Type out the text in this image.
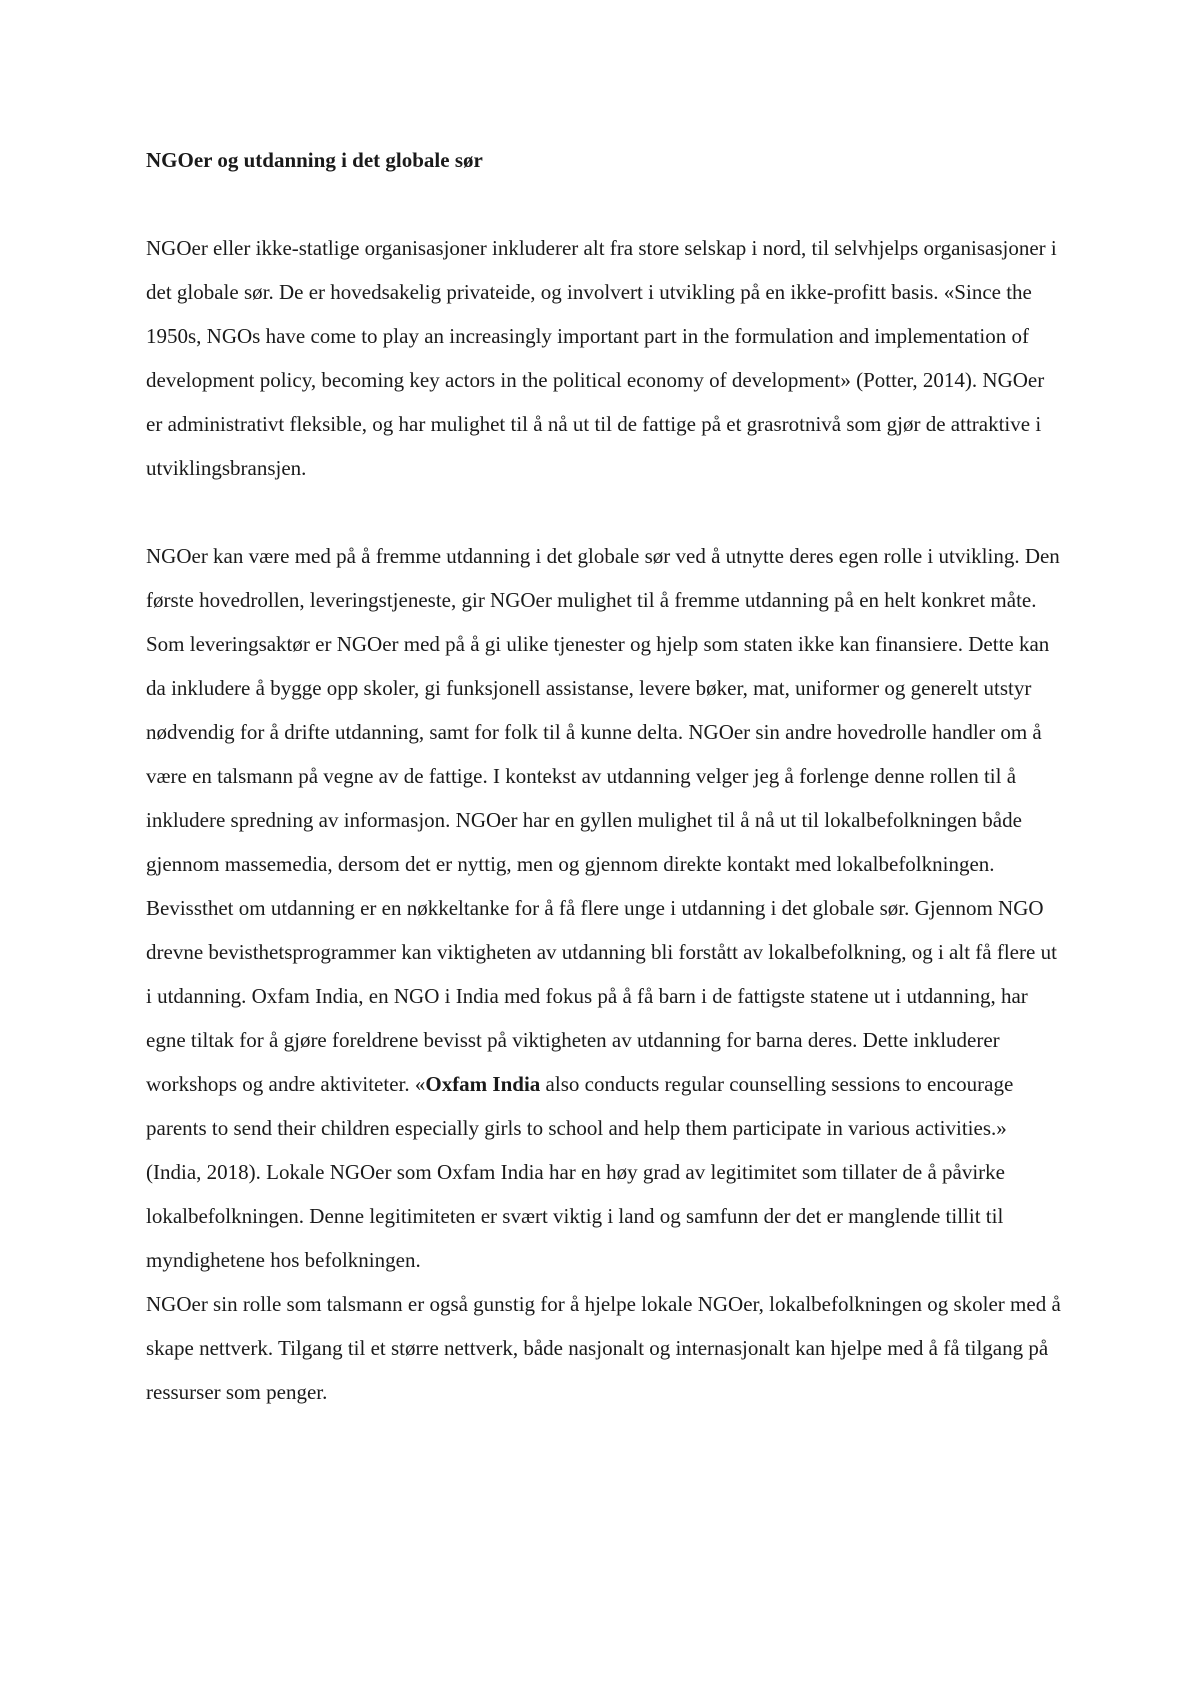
NGOer og utdanning i det globale sør

NGOer eller ikke-statlige organisasjoner inkluderer alt fra store selskap i nord, til selvhjelps organisasjoner i det globale sør. De er hovedsakelig privateide, og involvert i utvikling på en ikke-profitt basis. «Since the 1950s, NGOs have come to play an increasingly important part in the formulation and implementation of development policy, becoming key actors in the political economy of development» (Potter, 2014). NGOer er administrativt fleksible, og har mulighet til å nå ut til de fattige på et grasrotnivå som gjør de attraktive i utviklingsbransjen.

NGOer kan være med på å fremme utdanning i det globale sør ved å utnytte deres egen rolle i utvikling. Den første hovedrollen, leveringstjeneste, gir NGOer mulighet til å fremme utdanning på en helt konkret måte. Som leveringsaktør er NGOer med på å gi ulike tjenester og hjelp som staten ikke kan finansiere. Dette kan da inkludere å bygge opp skoler, gi funksjonell assistanse, levere bøker, mat, uniformer og generelt utstyr nødvendig for å drifte utdanning, samt for folk til å kunne delta. NGOer sin andre hovedrolle handler om å være en talsmann på vegne av de fattige. I kontekst av utdanning velger jeg å forlenge denne rollen til å inkludere spredning av informasjon. NGOer har en gyllen mulighet til å nå ut til lokalbefolkningen både gjennom massemedia, dersom det er nyttig, men og gjennom direkte kontakt med lokalbefolkningen. Bevissthet om utdanning er en nøkkeltanke for å få flere unge i utdanning i det globale sør. Gjennom NGO drevne bevisthetsprogrammer kan viktigheten av utdanning bli forstått av lokalbefolkning, og i alt få flere ut i utdanning. Oxfam India, en NGO i India med fokus på å få barn i de fattigste statene ut i utdanning, har egne tiltak for å gjøre foreldrene bevisst på viktigheten av utdanning for barna deres. Dette inkluderer workshops og andre aktiviteter. «Oxfam India also conducts regular counselling sessions to encourage parents to send their children especially girls to school and help them participate in various activities.» (India, 2018). Lokale NGOer som Oxfam India har en høy grad av legitimitet som tillater de å påvirke lokalbefolkningen. Denne legitimiteten er svært viktig i land og samfunn der det er manglende tillit til myndighetene hos befolkningen.

NGOer sin rolle som talsmann er også gunstig for å hjelpe lokale NGOer, lokalbefolkningen og skoler med å skape nettverk. Tilgang til et større nettverk, både nasjonalt og internasjonalt kan hjelpe med å få tilgang på ressurser som penger.
